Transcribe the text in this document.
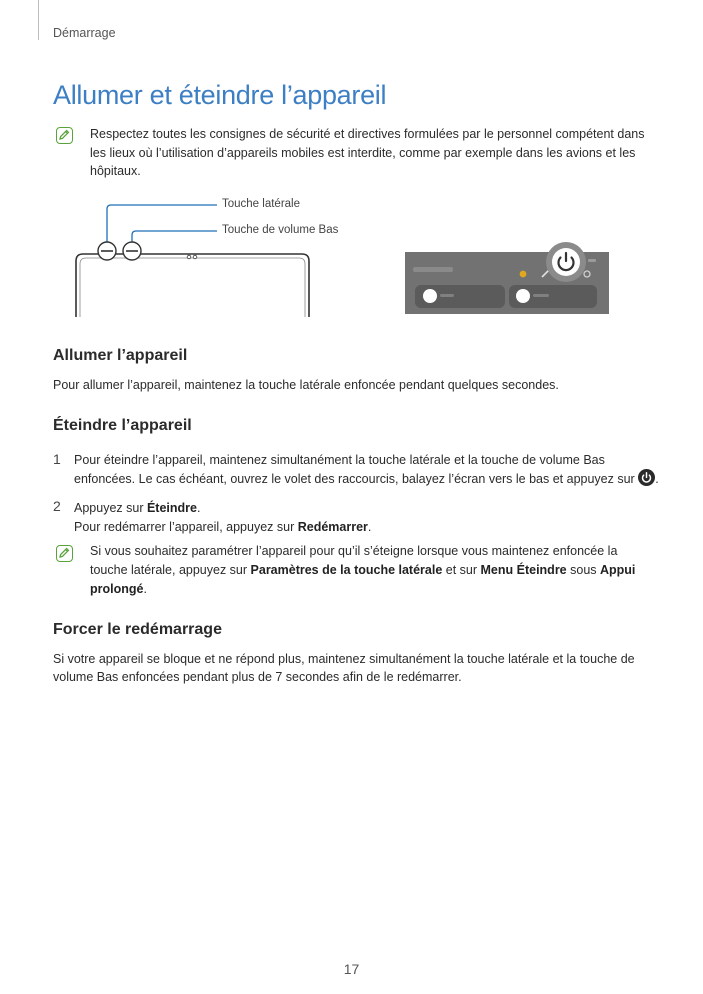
Démarrage
Allumer et éteindre l’appareil
Respectez toutes les consignes de sécurité et directives formulées par le personnel compétent dans les lieux où l’utilisation d’appareils mobiles est interdite, comme par exemple dans les avions et les hôpitaux.
Touche latérale
Touche de volume Bas
Allumer l’appareil
Pour allumer l’appareil, maintenez la touche latérale enfoncée pendant quelques secondes.
Éteindre l’appareil
1 Pour éteindre l’appareil, maintenez simultanément la touche latérale et la touche de volume Bas
enfoncées. Le cas échéant, ouvrez le volet des raccourcis, balayez l’écran vers le bas et appuyez sur .
2 Appuyez sur Éteindre.
Pour redémarrer l’appareil, appuyez sur Redémarrer.
Si vous souhaitez paramétrer l’appareil pour qu’il s’éteigne lorsque vous maintenez enfoncée la
touche latérale, appuyez sur Paramètres de la touche latérale et sur Menu Éteindre sous Appui
prolongé.
Forcer le redémarrage
Si votre appareil se bloque et ne répond plus, maintenez simultanément la touche latérale et la touche de
volume Bas enfoncées pendant plus de 7 secondes afin de le redémarrer.
17
